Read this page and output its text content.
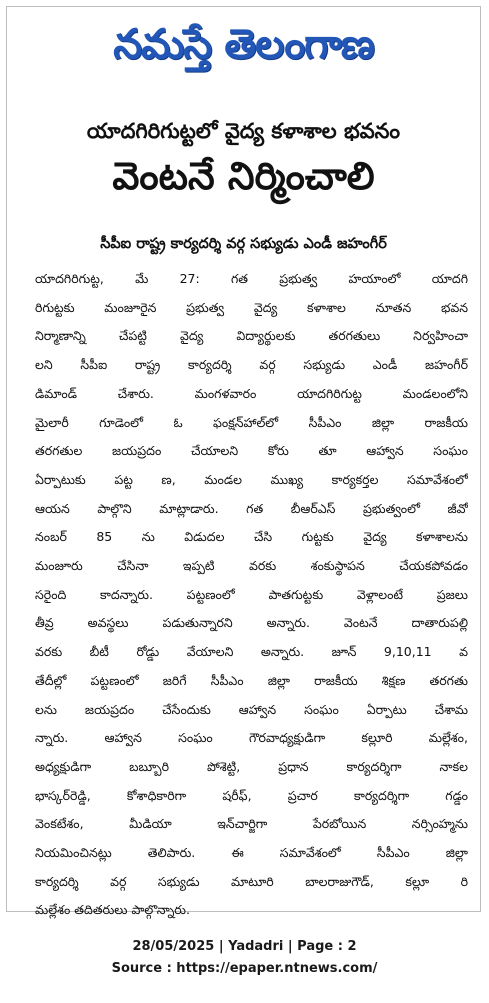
నమస్తే తెలంగాణ
యాదగిరిగుట్టలో వైద్య కళాశాల భవనం
వెంటనే నిర్మించాలి
సీపీఐ రాష్ట్ర కార్యదర్శి వర్గ సభ్యుడు ఎండీ జహంగీర్
యాదగిరిగుట్ట, మే 27: గత ప్రభుత్వ హయాంలో యాదగి
రిగుట్టకు మంజూరైన ప్రభుత్వ వైద్య కళాశాల నూతన భవన
నిర్మాణాన్ని చేపట్టి వైద్య విద్యార్థులకు తరగతులు నిర్వహించా
లని సీపీఐ రాష్ట్ర కార్యదర్శి వర్గ సభ్యుడు ఎండీ జహంగీర్
డిమాండ్ చేశారు. మంగళవారం యాదగిరిగుట్ట మండలంలోని
మైలారీ గూడెంలో ఓ ఫంక్షన్‌హాల్‌లో సీపీఎం జిల్లా రాజకీయ
తరగతుల జయప్రదం చేయాలని కోరు తూ ఆహ్వాన సంఘం
ఏర్పాటుకు పట్ట ణ, మండల ముఖ్య కార్యకర్తల సమావేశంలో
ఆయన పాల్గొని మాట్లాడారు. గత బీఆర్‌ఎస్ ప్రభుత్వంలో జీవో
నంబర్ 85 ను విడుదల చేసి గుట్టకు వైద్య కళాశాలను
మంజూరు చేసినా ఇప్పటి వరకు శంకుస్థాపన చేయకపోవడం
సరైంది కాదన్నారు. పట్టణంలో పాతగుట్టకు వెళ్లాలంటే ప్రజలు
తీవ్ర అవస్థలు పడుతున్నారని అన్నారు. వెంటనే దాతారుపల్లి
వరకు బీటీ రోడ్డు వేయాలని అన్నారు. జూన్ 9,10,11 వ
తేదీల్లో పట్టణంలో జరిగే సీపీఎం జిల్లా రాజకీయ శిక్షణ తరగతు
లను జయప్రదం చేసేందుకు ఆహ్వాన సంఘం ఏర్పాటు చేశామ
న్నారు. ఆహ్వాన సంఘం గౌరవాధ్యక్షుడిగా కల్లూరి మల్లేశం,
అధ్యక్షుడిగా బబ్బూరి పోశెట్టి, ప్రధాన కార్యదర్శిగా నాకల
భాస్కర్‌రెడ్డి, కోశాధికారిగా షరీఫ్, ప్రచార కార్యదర్శిగా గడ్డం
వెంకటేశం, మీడియా ఇన్‌చార్జిగా పేరబోయిన నర్సింహ్మను
నియమించినట్లు తెలిపారు. ఈ సమావేశంలో సీపీఎం జిల్లా
కార్యదర్శి వర్గ సభ్యుడు మాటూరి బాలరాజుగౌడ్, కల్లూ రి
మల్లేశం తదితరులు పాల్గొన్నారు.
28/05/2025 | Yadadri | Page : 2
Source : https://epaper.ntnews.com/
